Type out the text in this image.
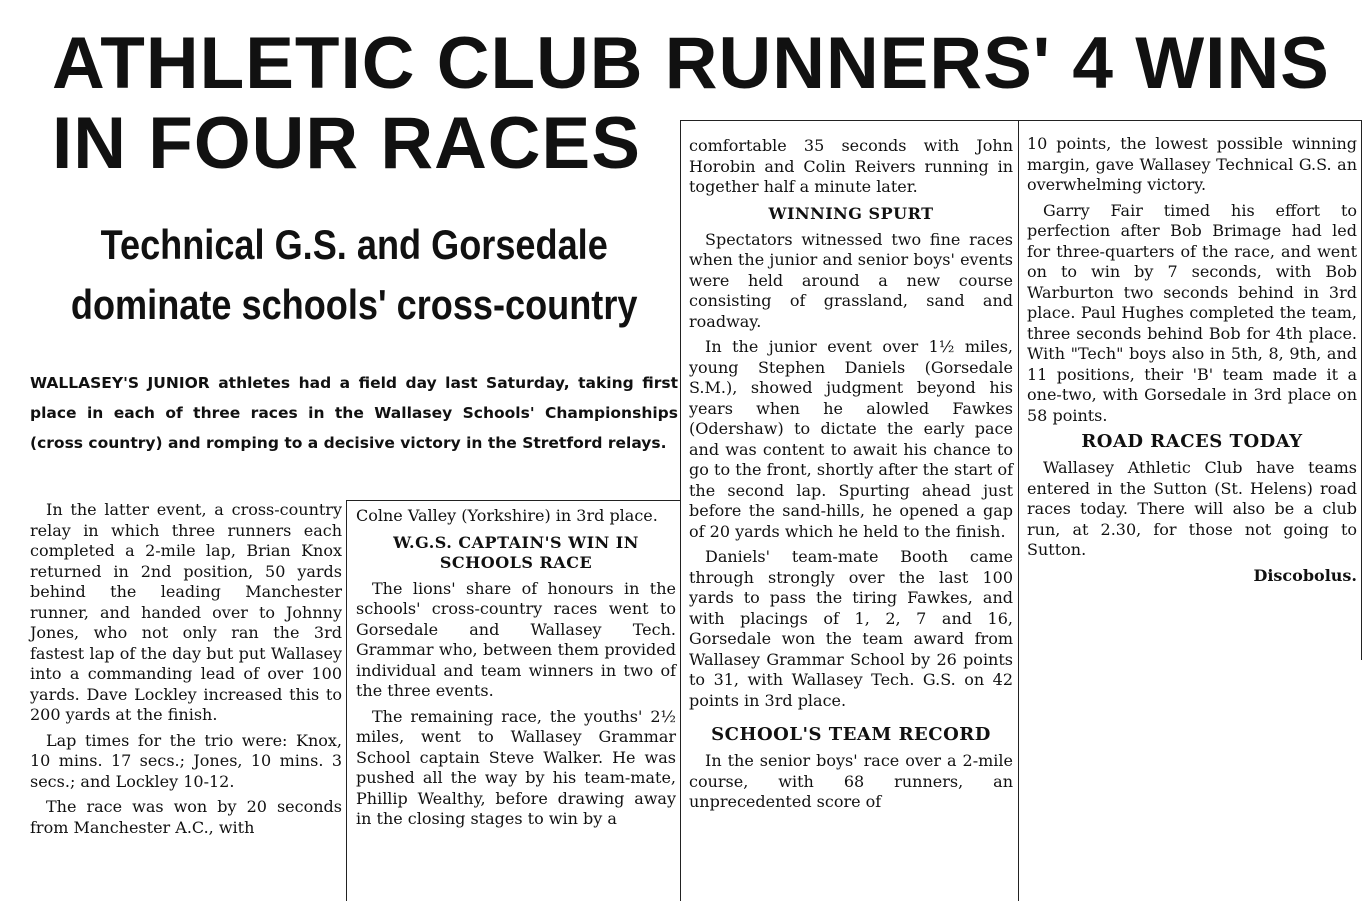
ATHLETIC CLUB RUNNERS' 4 WINS
IN FOUR RACES
Technical G.S. and Gorsedale
dominate schools' cross-country
WALLASEY'S JUNIOR athletes had a field day last Saturday, taking first place in each of three races in the Wallasey Schools' Championships (cross country) and romping to a decisive victory in the Stretford relays.

In the latter event, a cross-country relay in which three runners each completed a 2-mile lap, Brian Knox returned in 2nd position, 50 yards behind the leading Manchester runner, and handed over to Johnny Jones, who not only ran the 3rd fastest lap of the day but put Wallasey into a commanding lead of over 100 yards. Dave Lockley increased this to 200 yards at the finish.

Lap times for the trio were: Knox, 10 mins. 17 secs.; Jones, 10 mins. 3 secs.; and Lockley 10-12.

The race was won by 20 seconds from Manchester A.C., with

Colne Valley (Yorkshire) in 3rd place.

W.G.S. CAPTAIN'S WIN IN SCHOOLS RACE

The lions' share of honours in the schools' cross-country races went to Gorsedale and Wallasey Tech. Grammar who, between them provided individual and team winners in two of the three events.

The remaining race, the youths' 2½ miles, went to Wallasey Grammar School captain Steve Walker. He was pushed all the way by his team-mate, Phillip Wealthy, before drawing away in the closing stages to win by a

comfortable 35 seconds with John Horobin and Colin Reivers running in together half a minute later.

WINNING SPURT

Spectators witnessed two fine races when the junior and senior boys' events were held around a new course consisting of grassland, sand and roadway.

In the junior event over 1½ miles, young Stephen Daniels (Gorsedale S.M.), showed judgment beyond his years when he alowled Fawkes (Odershaw) to dictate the early pace and was content to await his chance to go to the front, shortly after the start of the second lap. Spurting ahead just before the sand-hills, he opened a gap of 20 yards which he held to the finish.

Daniels' team-mate Booth came through strongly over the last 100 yards to pass the tiring Fawkes, and with placings of 1, 2, 7 and 16, Gorsedale won the team award from Wallasey Grammar School by 26 points to 31, with Wallasey Tech. G.S. on 42 points in 3rd place.

SCHOOL'S TEAM RECORD

In the senior boys' race over a 2-mile course, with 68 runners, an unprecedented score of

10 points, the lowest possible winning margin, gave Wallasey Technical G.S. an overwhelming victory.

Garry Fair timed his effort to perfection after Bob Brimage had led for three-quarters of the race, and went on to win by 7 seconds, with Bob Warburton two seconds behind in 3rd place. Paul Hughes completed the team, three seconds behind Bob for 4th place. With "Tech" boys also in 5th, 8, 9th, and 11 positions, their 'B' team made it a one-two, with Gorsedale in 3rd place on 58 points.

ROAD RACES TODAY

Wallasey Athletic Club have teams entered in the Sutton (St. Helens) road races today. There will also be a club run, at 2.30, for those not going to Sutton.

Discobolus.
